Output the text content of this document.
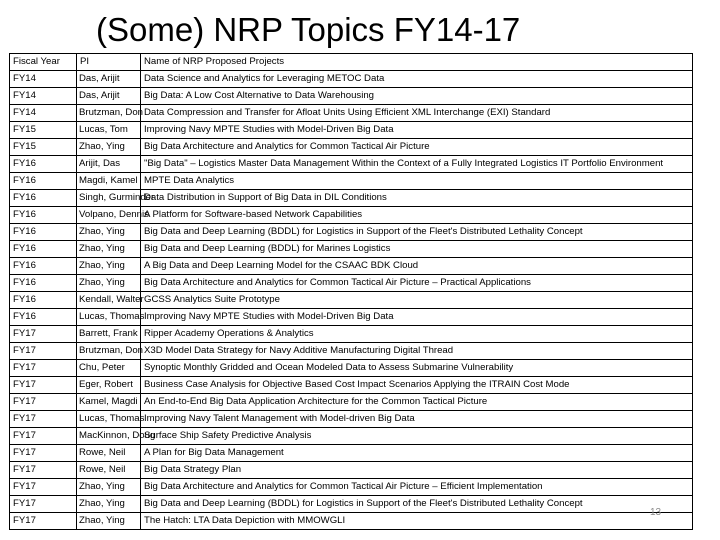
(Some) NRP Topics FY14-17
Fiscal Year	PI	Name of NRP Proposed Projects
FY14	Das, Arijit	Data Science and Analytics for Leveraging METOC Data
FY14	Das, Arijit	Big Data: A Low Cost Alternative to Data Warehousing
FY14	Brutzman, Don	Data Compression and Transfer for Afloat Units Using Efficient XML Interchange (EXI) Standard
FY15	Lucas, Tom	Improving Navy MPTE Studies with Model-Driven Big Data
FY15	Zhao, Ying	Big Data Architecture and Analytics for Common Tactical Air Picture
FY16	Arijit, Das	"Big Data" – Logistics Master Data Management Within the Context of a Fully Integrated Logistics IT Portfolio Environment
FY16	Magdi, Kamel	MPTE Data Analytics
FY16	Singh, Gurminder	Data Distribution in Support of Big Data in DIL Conditions
FY16	Volpano, Dennis	A Platform for Software-based Network Capabilities
FY16	Zhao, Ying	Big Data and Deep Learning (BDDL) for Logistics in Support of the Fleet's Distributed Lethality Concept
FY16	Zhao, Ying	Big Data and Deep Learning (BDDL) for Marines Logistics
FY16	Zhao, Ying	A Big Data and Deep Learning Model for the CSAAC BDK Cloud
FY16	Zhao, Ying	Big Data Architecture and Analytics for Common Tactical Air Picture – Practical Applications
FY16	Kendall, Walter	GCSS Analytics Suite Prototype
FY16	Lucas, Thomas	Improving Navy MPTE Studies with Model-Driven Big Data
FY17	Barrett, Frank	Ripper Academy Operations & Analytics
FY17	Brutzman, Don	X3D Model Data Strategy for Navy Additive Manufacturing Digital Thread
FY17	Chu, Peter	Synoptic Monthly Gridded and Ocean Modeled Data to Assess Submarine Vulnerability
FY17	Eger, Robert	Business Case Analysis for Objective Based Cost Impact Scenarios Applying the ITRAIN Cost Mode
FY17	Kamel, Magdi	An End-to-End Big Data Application Architecture for the Common Tactical Picture
FY17	Lucas, Thomas	Improving Navy Talent Management with Model-driven Big Data
FY17	MacKinnon, Doug	Surface Ship Safety Predictive Analysis
FY17	Rowe, Neil	A Plan for Big Data Management
FY17	Rowe, Neil	Big Data Strategy Plan
FY17	Zhao, Ying	Big Data Architecture and Analytics for Common Tactical Air Picture – Efficient Implementation
FY17	Zhao, Ying	Big Data and Deep Learning (BDDL) for Logistics in Support of the Fleet's Distributed Lethality Concept
FY17	Zhao, Ying	The Hatch: LTA Data Depiction with MMOWGLI
13
